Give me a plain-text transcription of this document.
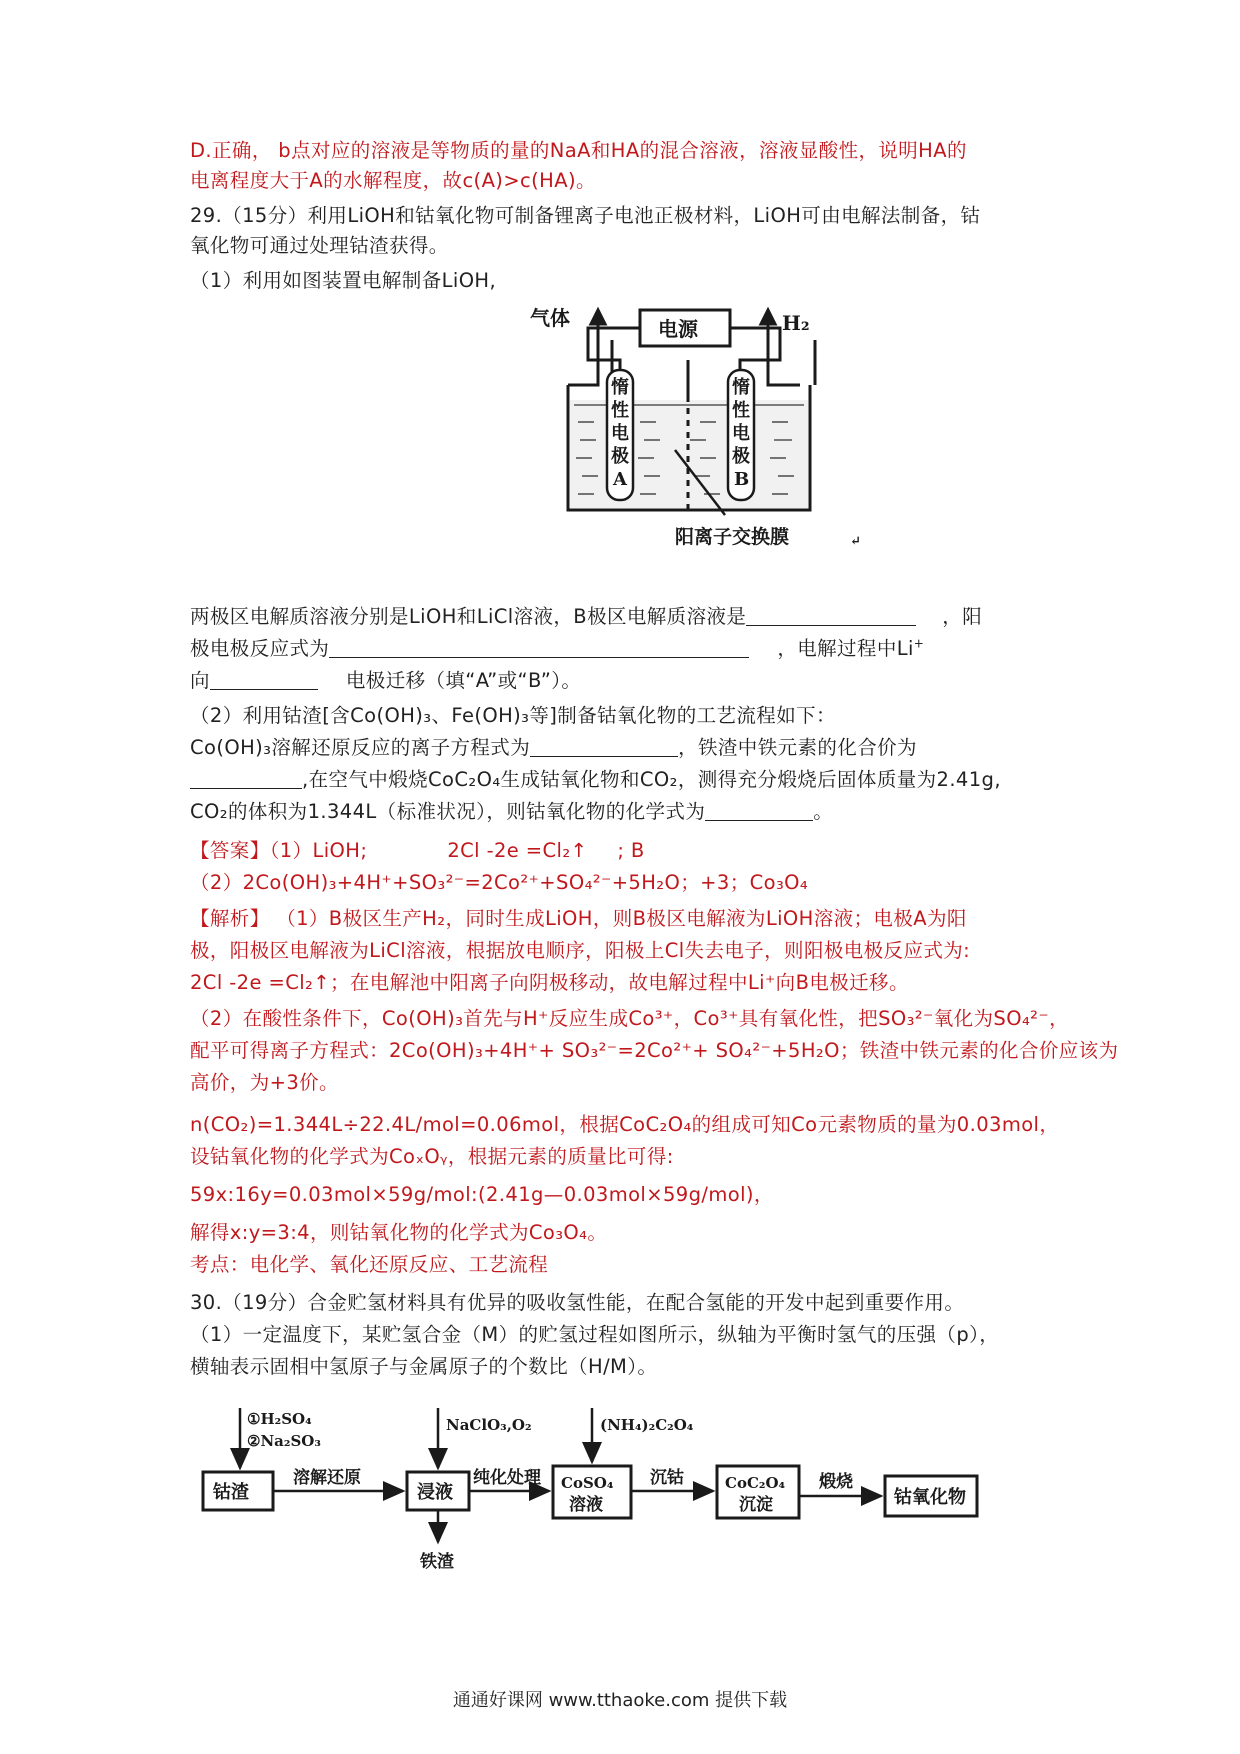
D.正确， b点对应的溶液是等物质的量的NaA和HA的混合溶液，溶液显酸性，说明HA的
电离程度大于A的水解程度，故c(A)>c(HA)。
29.（15分）利用LiOH和钴氧化物可制备锂离子电池正极材料，LiOH可由电解法制备，钴
氧化物可通过处理钴渣获得。
（1）利用如图装置电解制备LiOH,
气体	H₂
电源
惰
性
电
极
A
惰
性
电
极
B
阳离子交换膜	↵
两极区电解质溶液分别是LiOH和LiCl溶液，B极区电解质溶液是	，阳
极电极反应式为	，电解过程中Li+
向	电极迁移（填“A”或“B”）。
（2）利用钴渣[含Co(OH)₃、Fe(OH)₃等]制备钴氧化物的工艺流程如下：
Co(OH)₃溶解还原反应的离子方程式为	，铁渣中铁元素的化合价为
,在空气中煅烧CoC₂O₄生成钴氧化物和CO₂，测得充分煅烧后固体质量为2.41g,
CO₂的体积为1.344L（标准状况），则钴氧化物的化学式为	。
【答案】（1）LiOH;	2Cl -2e =Cl₂↑ ; B
（2）2Co(OH)₃+4H⁺+SO₃²⁻=2Co²⁺+SO₄²⁻+5H₂O；+3；Co₃O₄
【解析】 （1）B极区生产H₂，同时生成LiOH，则B极区电解液为LiOH溶液；电极A为阳
极，阳极区电解液为LiCl溶液，根据放电顺序，阳极上Cl失去电子，则阳极电极反应式为:
2Cl -2e =Cl₂↑；在电解池中阳离子向阴极移动，故电解过程中Li⁺向B电极迁移。
（2）在酸性条件下，Co(OH)₃首先与H⁺反应生成Co³⁺，Co³⁺具有氧化性，把SO₃²⁻氧化为SO₄²⁻，
配平可得离子方程式：2Co(OH)₃+4H⁺+ SO₃²⁻=2Co²⁺+ SO₄²⁻+5H₂O；铁渣中铁元素的化合价应该为
高价，为+3价。
n(CO₂)=1.344L÷22.4L/mol=0.06mol，根据CoC₂O₄的组成可知Co元素物质的量为0.03mol，
设钴氧化物的化学式为CoₓOᵧ，根据元素的质量比可得:
59x:16y=0.03mol×59g/mol:(2.41g—0.03mol×59g/mol)，
解得x:y=3:4，则钴氧化物的化学式为Co₃O₄。
考点：电化学、氧化还原反应、工艺流程
30.（19分）合金贮氢材料具有优异的吸收氢性能，在配合氢能的开发中起到重要作用。
（1）一定温度下，某贮氢合金（M）的贮氢过程如图所示，纵轴为平衡时氢气的压强（p），
横轴表示固相中氢原子与金属原子的个数比（H/M）。
①H₂SO₄
②Na₂SO₃
钴渣
溶解还原
NaClO₃,O₂
浸液
铁渣
纯化处理
(NH₄)₂C₂O₄
CoSO₄
溶液
沉钴	CoC₂O₄
沉淀
煅烧
钴氧化物
通通好课网 www.tthaoke.com 提供下载
